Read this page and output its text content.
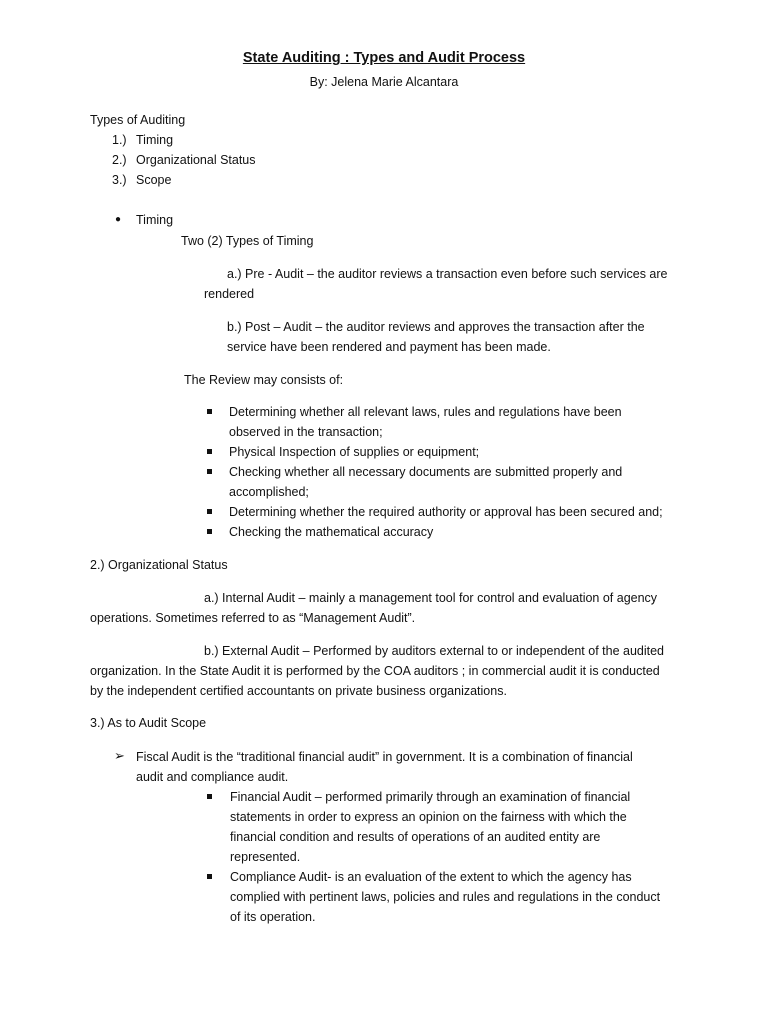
State Auditing : Types and Audit Process
By: Jelena Marie Alcantara
Types of Auditing
1.) Timing
2.) Organizational Status
3.) Scope
● Timing
Two (2) Types of Timing
a.) Pre - Audit – the auditor reviews a transaction even before such services are
rendered
b.) Post – Audit – the auditor reviews and approves the transaction after the
service have been rendered and payment has been made.
The Review may consists of:
Determining whether all relevant laws, rules and regulations have been
observed in the transaction;
Physical Inspection of supplies or equipment;
Checking whether all necessary documents are submitted properly and
accomplished;
Determining whether the required authority or approval has been secured and;
Checking the mathematical accuracy
2.) Organizational Status
a.) Internal Audit – mainly a management tool for control and evaluation of agency
operations. Sometimes referred to as “Management Audit”.
b.) External Audit – Performed by auditors external to or independent of the audited
organization. In the State Audit it is performed by the COA auditors ; in commercial audit it is conducted
by the independent certified accountants on private business organizations.
3.) As to Audit Scope
➢ Fiscal Audit is the “traditional financial audit” in government. It is a combination of financial
audit and compliance audit.
Financial Audit – performed primarily through an examination of financial
statements in order to express an opinion on the fairness with which the
financial condition and results of operations of an audited entity are
represented.
Compliance Audit- is an evaluation of the extent to which the agency has
complied with pertinent laws, policies and rules and regulations in the conduct
of its operation.
